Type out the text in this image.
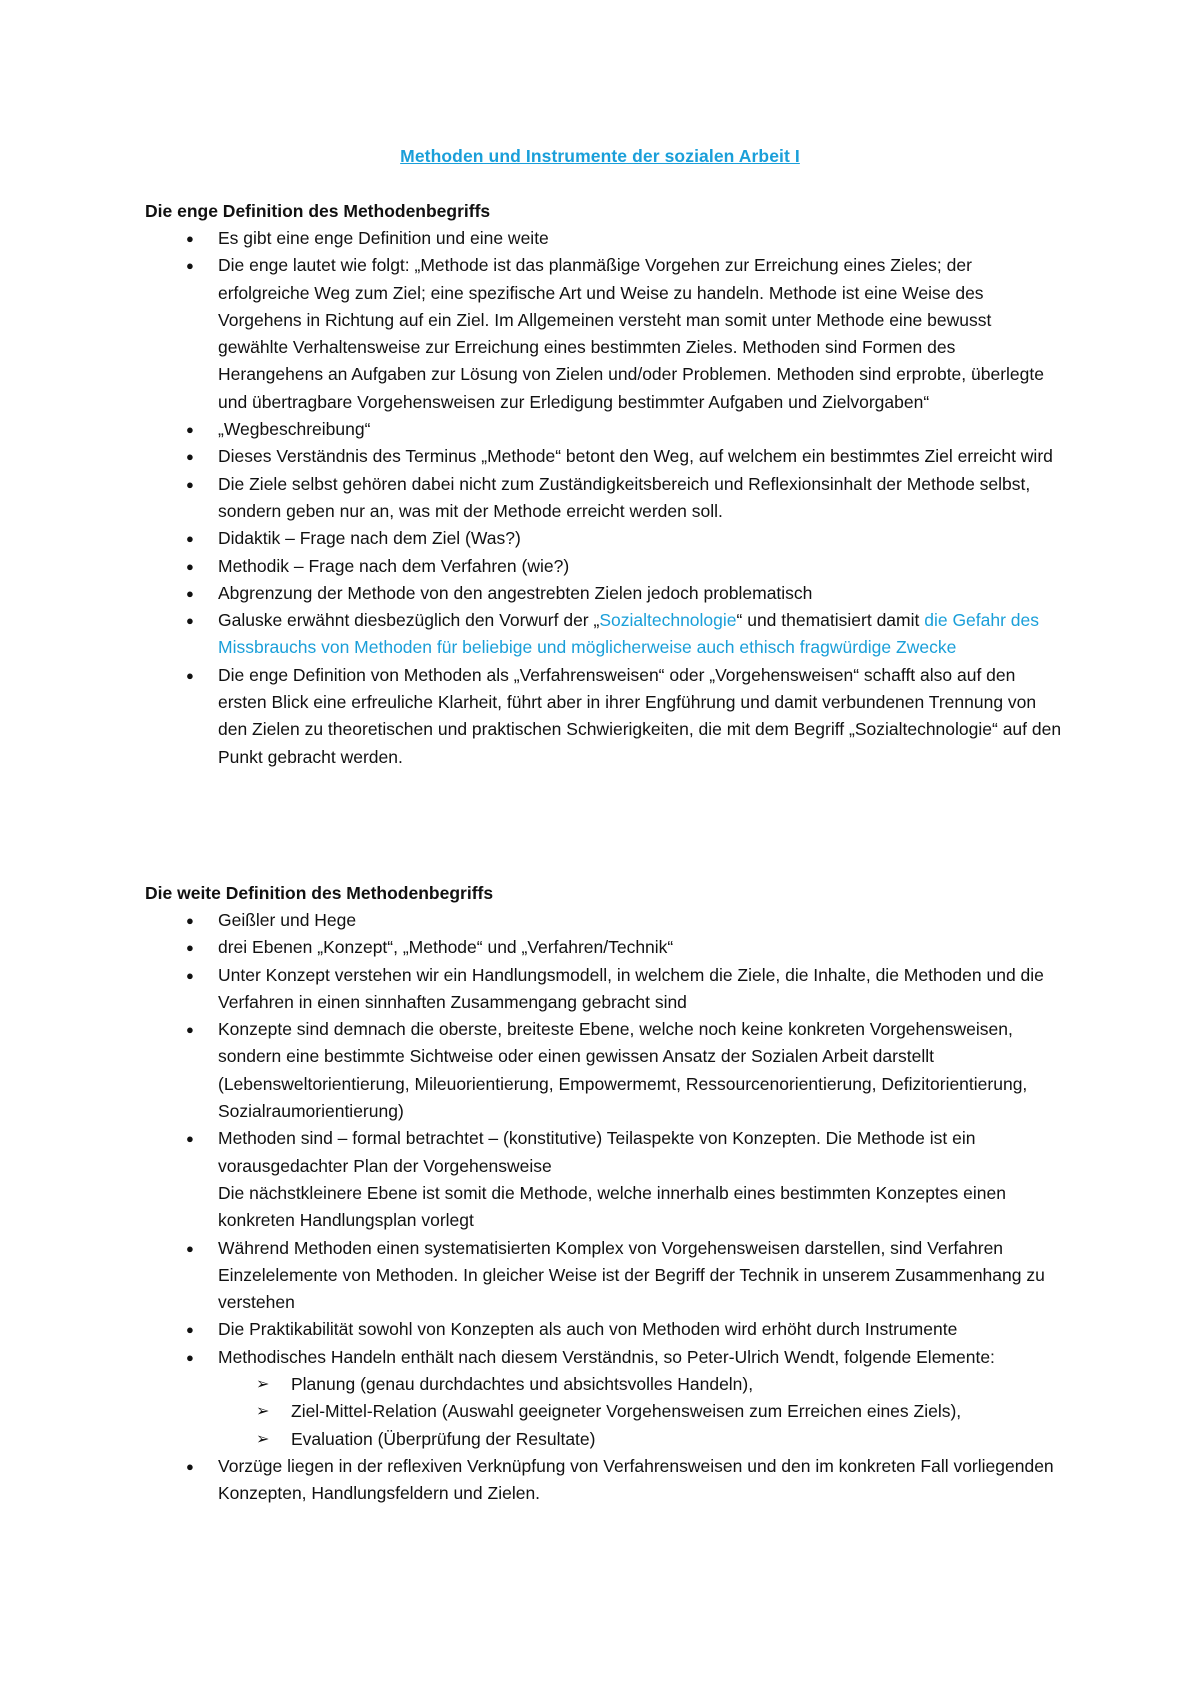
Methoden und Instrumente der sozialen Arbeit I
Die enge Definition des Methodenbegriffs
● Es gibt eine enge Definition und eine weite
● Die enge lautet wie folgt: „Methode ist das planmäßige Vorgehen zur Erreichung eines Zieles; der erfolgreiche Weg zum Ziel; eine spezifische Art und Weise zu handeln. Methode ist eine Weise des Vorgehens in Richtung auf ein Ziel. Im Allgemeinen versteht man somit unter Methode eine bewusst gewählte Verhaltensweise zur Erreichung eines bestimmten Zieles. Methoden sind Formen des Herangehens an Aufgaben zur Lösung von Zielen und/oder Problemen. Methoden sind erprobte, überlegte und übertragbare Vorgehensweisen zur Erledigung bestimmter Aufgaben und Zielvorgaben“
● „Wegbeschreibung“
● Dieses Verständnis des Terminus „Methode“ betont den Weg, auf welchem ein bestimmtes Ziel erreicht wird
● Die Ziele selbst gehören dabei nicht zum Zuständigkeitsbereich und Reflexionsinhalt der Methode selbst, sondern geben nur an, was mit der Methode erreicht werden soll.
● Didaktik – Frage nach dem Ziel (Was?)
● Methodik – Frage nach dem Verfahren (wie?)
● Abgrenzung der Methode von den angestrebten Zielen jedoch problematisch
● Galuske erwähnt diesbezüglich den Vorwurf der „Sozialtechnologie“ und thematisiert damit die Gefahr des Missbrauchs von Methoden für beliebige und möglicherweise auch ethisch fragwürdige Zwecke
● Die enge Definition von Methoden als „Verfahrensweisen“ oder „Vorgehensweisen“ schafft also auf den ersten Blick eine erfreuliche Klarheit, führt aber in ihrer Engführung und damit verbundenen Trennung von den Zielen zu theoretischen und praktischen Schwierigkeiten, die mit dem Begriff „Sozialtechnologie“ auf den Punkt gebracht werden.
Die weite Definition des Methodenbegriffs
● Geißler und Hege
● drei Ebenen „Konzept“, „Methode“ und „Verfahren/Technik“
● Unter Konzept verstehen wir ein Handlungsmodell, in welchem die Ziele, die Inhalte, die Methoden und die Verfahren in einen sinnhaften Zusammengang gebracht sind
● Konzepte sind demnach die oberste, breiteste Ebene, welche noch keine konkreten Vorgehensweisen, sondern eine bestimmte Sichtweise oder einen gewissen Ansatz der Sozialen Arbeit darstellt (Lebensweltorientierung, Mileuorientierung, Empowermemt, Ressourcenorientierung, Defizitorientierung, Sozialraumorientierung)
● Methoden sind – formal betrachtet – (konstitutive) Teilaspekte von Konzepten. Die Methode ist ein vorausgedachter Plan der Vorgehensweise
Die nächstkleinere Ebene ist somit die Methode, welche innerhalb eines bestimmten Konzeptes einen konkreten Handlungsplan vorlegt
● Während Methoden einen systematisierten Komplex von Vorgehensweisen darstellen, sind Verfahren Einzelelemente von Methoden. In gleicher Weise ist der Begriff der Technik in unserem Zusammenhang zu verstehen
● Die Praktikabilität sowohl von Konzepten als auch von Methoden wird erhöht durch Instrumente
● Methodisches Handeln enthält nach diesem Verständnis, so Peter-Ulrich Wendt, folgende Elemente:
➢ Planung (genau durchdachtes und absichtsvolles Handeln),
➢ Ziel-Mittel-Relation (Auswahl geeigneter Vorgehensweisen zum Erreichen eines Ziels),
➢ Evaluation (Überprüfung der Resultate)
● Vorzüge liegen in der reflexiven Verknüpfung von Verfahrensweisen und den im konkreten Fall vorliegenden Konzepten, Handlungsfeldern und Zielen.
